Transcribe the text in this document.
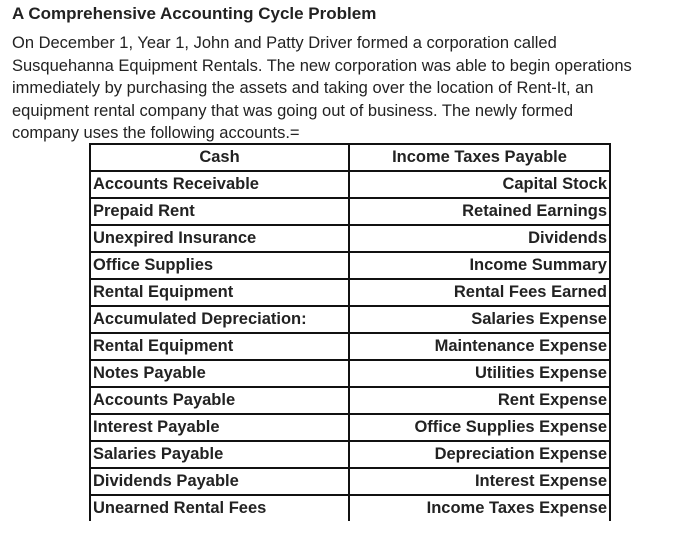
A Comprehensive Accounting Cycle Problem
On December 1, Year 1, John and Patty Driver formed a corporation called
Susquehanna Equipment Rentals. The new corporation was able to begin operations
immediately by purchasing the assets and taking over the location of Rent-It, an
equipment rental company that was going out of business. The newly formed
company uses the following accounts.=
Cash	Income Taxes Payable
Accounts Receivable	Capital Stock
Prepaid Rent	Retained Earnings
Unexpired Insurance	Dividends
Office Supplies	Income Summary
Rental Equipment	Rental Fees Earned
Accumulated Depreciation:	Salaries Expense
Rental Equipment	Maintenance Expense
Notes Payable	Utilities Expense
Accounts Payable	Rent Expense
Interest Payable	Office Supplies Expense
Salaries Payable	Depreciation Expense
Dividends Payable	Interest Expense
Unearned Rental Fees	Income Taxes Expense
